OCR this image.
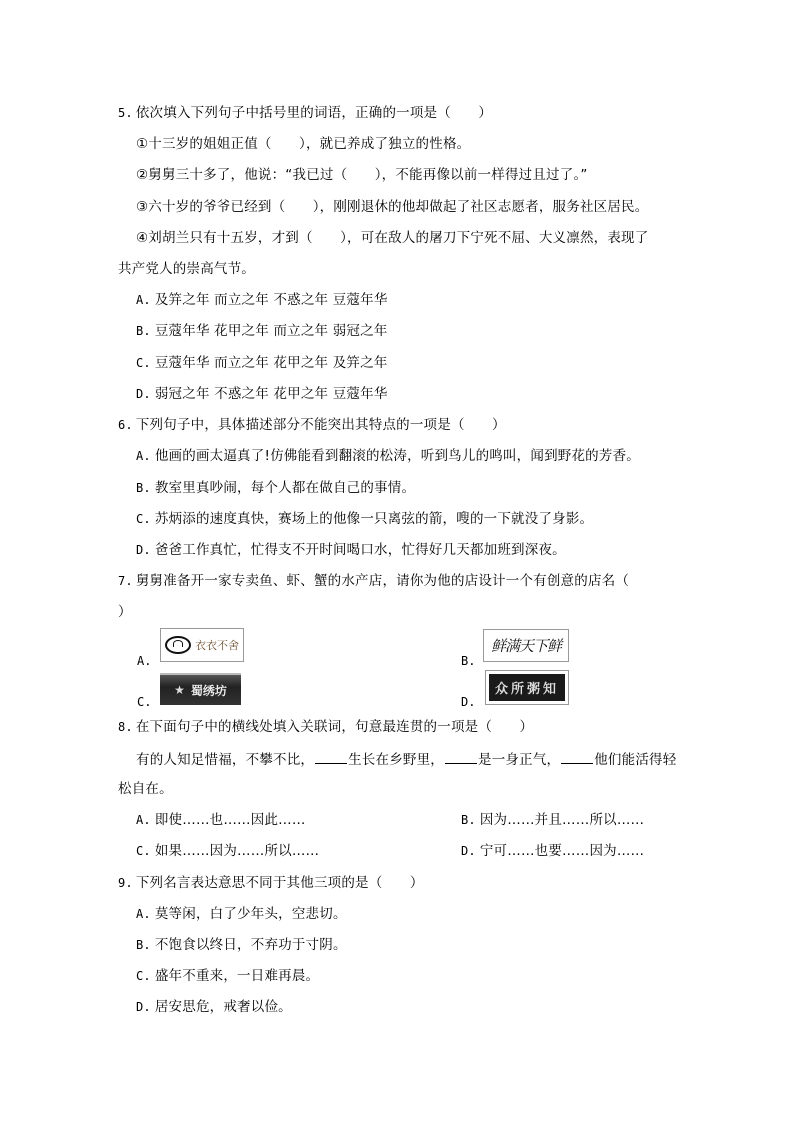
5. 依次填入下列句子中括号里的词语，正确的一项是（　　）
①十三岁的姐姐正值（　　），就已养成了独立的性格。
②舅舅三十多了，他说：“我已过（　　），不能再像以前一样得过且过了。”
③六十岁的爷爷已经到（　　），刚刚退休的他却做起了社区志愿者，服务社区居民。
④刘胡兰只有十五岁，才到（　　），可在敌人的屠刀下宁死不屈、大义凛然，表现了
共产党人的崇高气节。
A. 及笄之年 而立之年 不惑之年 豆蔻年华
B. 豆蔻年华 花甲之年 而立之年 弱冠之年
C. 豆蔻年华 而立之年 花甲之年 及笄之年
D. 弱冠之年 不惑之年 花甲之年 豆蔻年华
6. 下列句子中，具体描述部分不能突出其特点的一项是（　　）
A. 他画的画太逼真了!仿佛能看到翻滚的松涛，听到鸟儿的鸣叫，闻到野花的芳香。
B. 教室里真吵闹，每个人都在做自己的事情。
C. 苏炳添的速度真快，赛场上的他像一只离弦的箭，嗖的一下就没了身影。
D. 爸爸工作真忙，忙得支不开时间喝口水，忙得好几天都加班到深夜。
7. 舅舅准备开一家专卖鱼、虾、蟹的水产店，请你为他的店设计一个有创意的店名（
）
A.
衣衣不舍
B.
鲜满天下鲜
C.
★ 蜀绣坊
D.
众所粥知
8. 在下面句子中的横线处填入关联词，句意最连贯的一项是（　　）
有的人知足惜福，不攀不比，	生长在乡野里，	是一身正气，	他们能活得轻
松自在。
A. 即使……也……因此……	B. 因为……并且……所以……
C. 如果……因为……所以……	D. 宁可……也要……因为……
9. 下列名言表达意思不同于其他三项的是（　　）
A. 莫等闲，白了少年头，空悲切。
B. 不饱食以终日，不弃功于寸阴。
C. 盛年不重来，一日难再晨。
D. 居安思危，戒奢以俭。
